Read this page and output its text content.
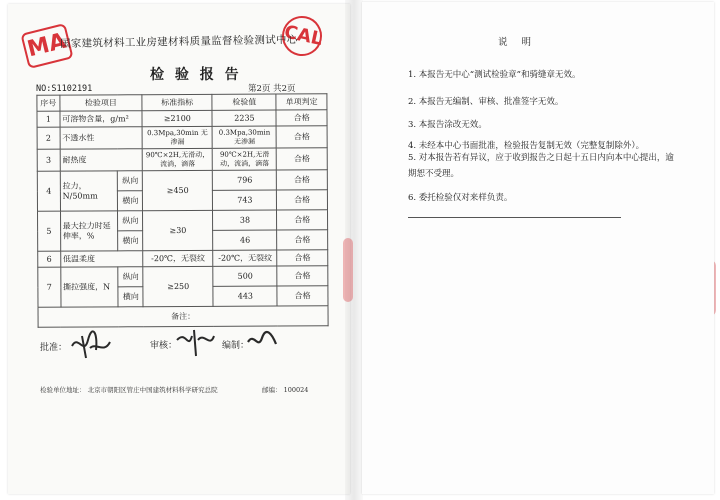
MA	CAL
国家建筑材料工业房建材料质量监督检验测试中心
检 验 报 告
NO:S1102191	第2页 共2页
序号	检验项目		标准指标	检验值	单项判定
1	可溶物含量，g/m²		≥2100	2235	合格
2	不透水性		0.3Mpa,30min 无渗漏	0.3Mpa,30min 无渗漏	合格
3	耐热度		90℃×2H,无滑动，流淌，滴落	90℃×2H,无滑动，流淌，滴落	合格
4	拉力，N/50mm	纵向	≥450	796	合格
		横向		743	合格
5	最大拉力时延伸率，%	纵向	≥30	38	合格
		横向		46	合格
6	低温柔度		-20℃，无裂纹	-20℃，无裂纹	合格
7	撕拉强度，N	纵向	≥250	500	合格
		横向		443	合格
备注：					
批准：	审核：	编制：
检验单位地址： 北京市朝阳区管庄中国建筑材料科学研究总院	邮编： 100024
说明
1. 本报告无中心“测试检验章”和骑缝章无效。
2. 本报告无编制、审核、批准签字无效。
3. 本报告涂改无效。
4. 未经本中心书面批准，检验报告复制无效（完整复制除外）。
5. 对本报告若有异议，应于收到报告之日起十五日内向本中心提出，逾
期恕不受理。
6. 委托检验仅对来样负责。
